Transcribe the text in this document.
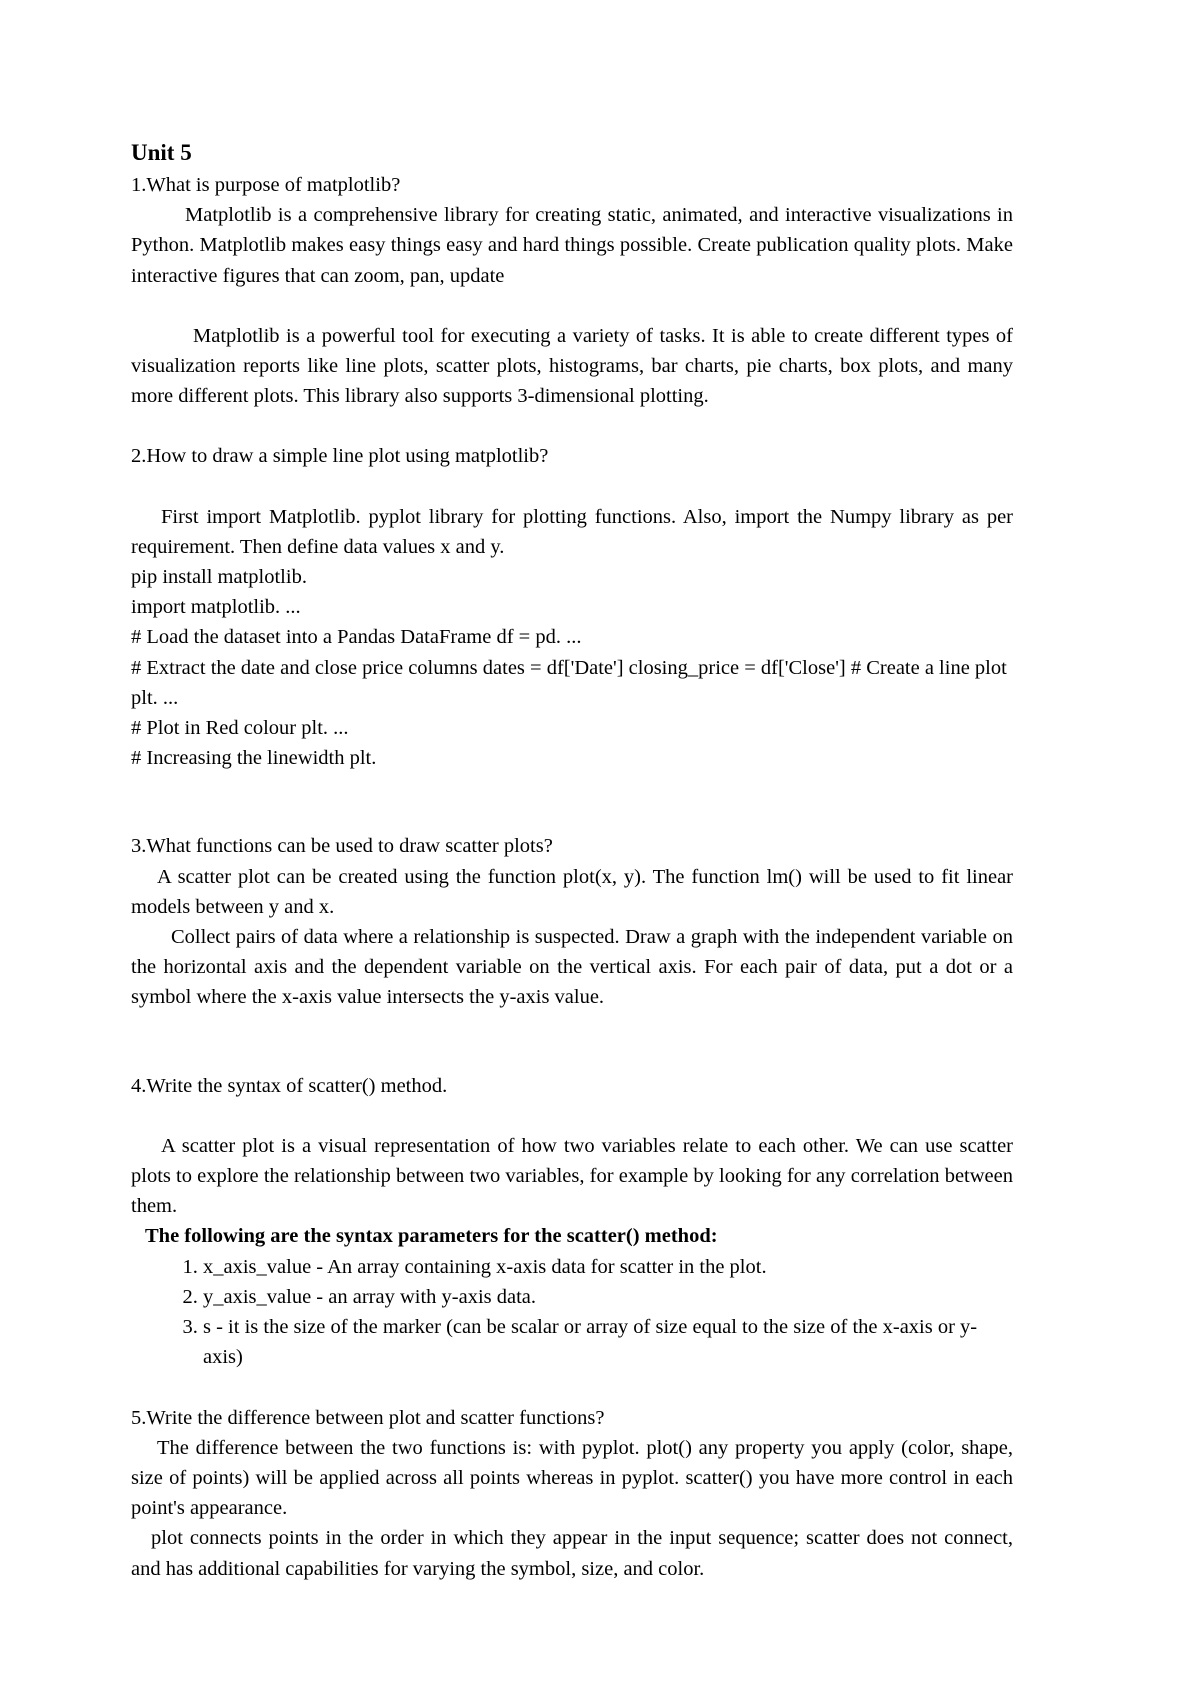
Unit 5

1.What is purpose of matplotlib?

Matplotlib is a comprehensive library for creating static, animated, and interactive visualizations in Python. Matplotlib makes easy things easy and hard things possible. Create publication quality plots. Make interactive figures that can zoom, pan, update

Matplotlib is a powerful tool for executing a variety of tasks. It is able to create different types of visualization reports like line plots, scatter plots, histograms, bar charts, pie charts, box plots, and many more different plots. This library also supports 3-dimensional plotting.

2.How to draw a simple line plot using matplotlib?

First import Matplotlib. pyplot library for plotting functions. Also, import the Numpy library as per requirement. Then define data values x and y.

pip install matplotlib.

import matplotlib. ...

# Load the dataset into a Pandas DataFrame df = pd. ...

# Extract the date and close price columns dates = df['Date'] closing_price = df['Close'] # Create a line plot plt. ...

# Plot in Red colour plt. ...

# Increasing the linewidth plt.

3.What functions can be used to draw scatter plots?

A scatter plot can be created using the function plot(x, y). The function lm() will be used to fit linear models between y and x.

Collect pairs of data where a relationship is suspected. Draw a graph with the independent variable on the horizontal axis and the dependent variable on the vertical axis. For each pair of data, put a dot or a symbol where the x-axis value intersects the y-axis value.

4.Write the syntax of scatter() method.

A scatter plot is a visual representation of how two variables relate to each other. We can use scatter plots to explore the relationship between two variables, for example by looking for any correlation between them.

The following are the syntax parameters for the scatter() method:

1. x_axis_value - An array containing x-axis data for scatter in the plot.
2. y_axis_value - an array with y-axis data.
3. s - it is the size of the marker (can be scalar or array of size equal to the size of the x-axis or y-axis)

5.Write the difference between plot and scatter functions?

The difference between the two functions is: with pyplot. plot() any property you apply (color, shape, size of points) will be applied across all points whereas in pyplot. scatter() you have more control in each point's appearance.

plot connects points in the order in which they appear in the input sequence; scatter does not connect, and has additional capabilities for varying the symbol, size, and color.
